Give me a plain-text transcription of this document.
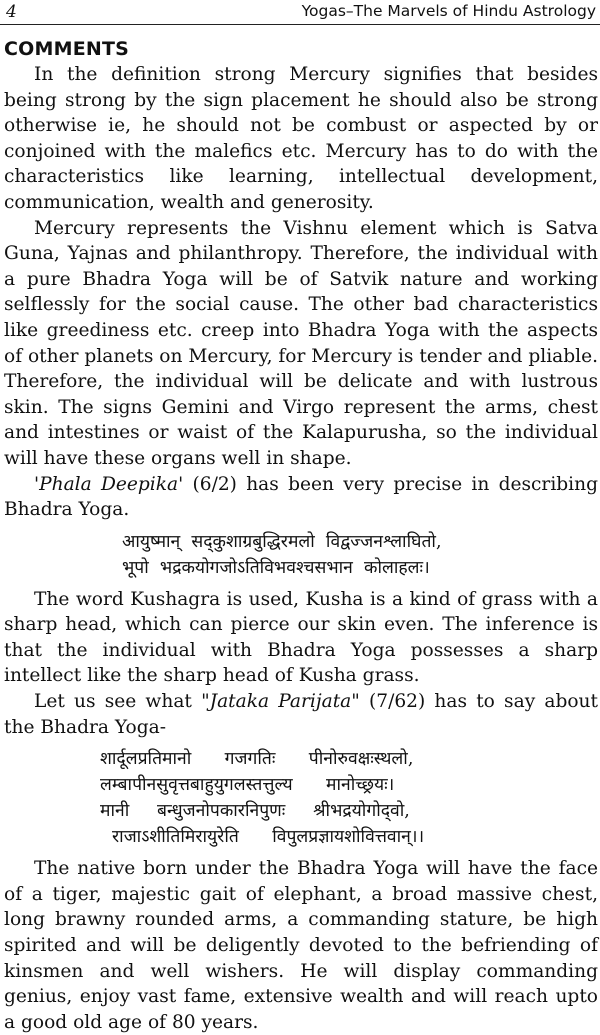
4	Yogas–The Marvels of Hindu Astrology
COMMENTS

In the definition strong Mercury signifies that besides being strong by the sign placement he should also be strong otherwise ie, he should not be combust or aspected by or conjoined with the malefics etc. Mercury has to do with the characteristics like learning, intellectual development, communication, wealth and generosity.

Mercury represents the Vishnu element which is Satva Guna, Yajnas and philanthropy. Therefore, the individual with a pure Bhadra Yoga will be of Satvik nature and working selflessly for the social cause. The other bad characteristics like greediness etc. creep into Bhadra Yoga with the aspects of other planets on Mercury, for Mercury is tender and pliable. Therefore, the individual will be delicate and with lustrous skin. The signs Gemini and Virgo represent the arms, chest and intestines or waist of the Kalapurusha, so the individual will have these organs well in shape.

'Phala Deepika' (6/2) has been very precise in describing Bhadra Yoga.

आयुष्मान्  सद्‌कुशाग्रबुद्धिरमलो  विद्वज्जनश्लाघितो,
भूपो  भद्रकयोगजोऽतिविभवश्चसभान  कोलाहलः।

The word Kushagra is used, Kusha is a kind of grass with a sharp head, which can pierce our skin even. The inference is that the individual with Bhadra Yoga possesses a sharp intellect like the sharp head of Kusha grass.

Let us see what "Jataka Parijata" (7/62) has to say about the Bhadra Yoga-

शार्दूलप्रतिमानो      गजगतिः      पीनोरुवक्षःस्थलो,
लम्बापीनसुवृत्तबाहुयुगलस्तत्तुल्य      मानोच्छ्रयः।
मानी     बन्धुजनोपकारनिपुणः     श्रीभद्रयोगोद्‌वो,
राजाऽशीतिमिरायुरेति      विपुलप्रज्ञायशोवित्तवान्।।

The native born under the Bhadra Yoga will have the face of a tiger, majestic gait of elephant, a broad massive chest, long brawny rounded arms, a commanding stature, be high spirited and will be deligently devoted to the befriending of kinsmen and well wishers. He will display commanding genius, enjoy vast fame, extensive wealth and will reach upto a good old age of 80 years.
